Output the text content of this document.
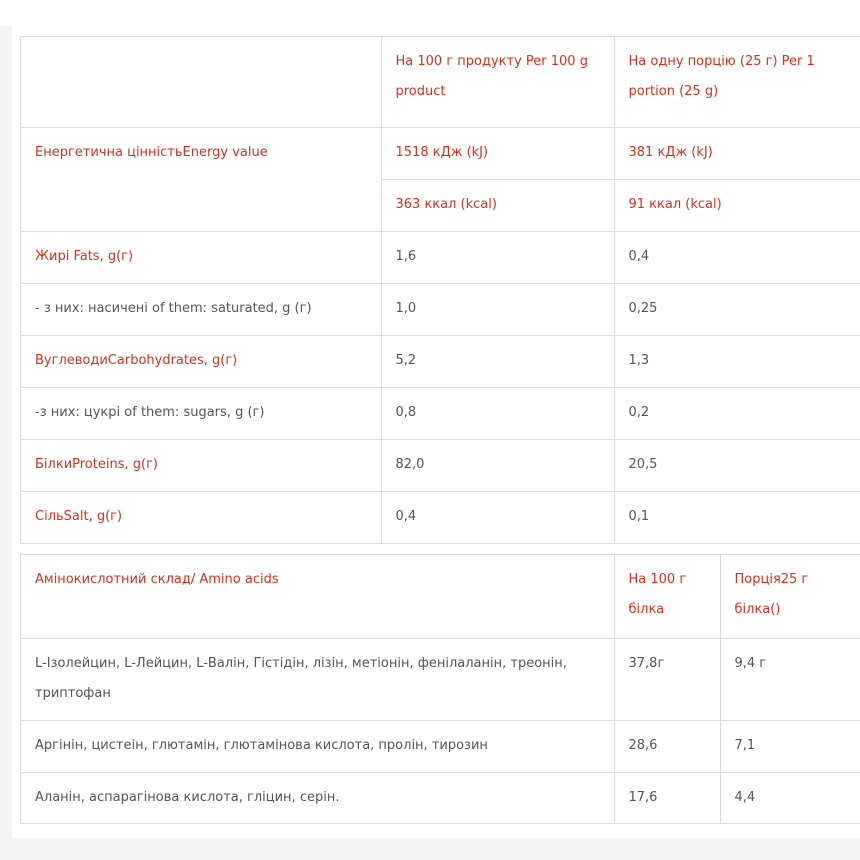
	На 100 г продукту Per 100 g product	На одну порцію (25 г) Per 1 portion (25 g)
Енергетична цінністьEnergy value	1518 кДж (kJ)	381 кДж (kJ)
	363 ккал (kcal)	91 ккал (kcal)
Жирі Fats, g(г)	1,6	0,4
- з них: насичені of them: saturated, g (г)	1,0	0,25
ВуглеводиCarbohydrates, g(г)	5,2	1,3
-з них: цукрі of them: sugars, g (г)	0,8	0,2
БілкиProteins, g(г)	82,0	20,5
СільSalt, g(г)	0,4	0,1
Амінокислотний склад/ Amino acids	На 100 г білка	Порція25 г білка()
L-Ізолейцин, L-Лейцин, L-Валін, Гістідін, лізін, метіонін, фенілаланін, треонін, триптофан	37,8г	9,4 г
Аргінін, цистеін, глютамін, глютамінова кислота, пролін, тирозин	28,6	7,1
Аланін, аспарагінова кислота, гліцин, серін.	17,6	4,4
